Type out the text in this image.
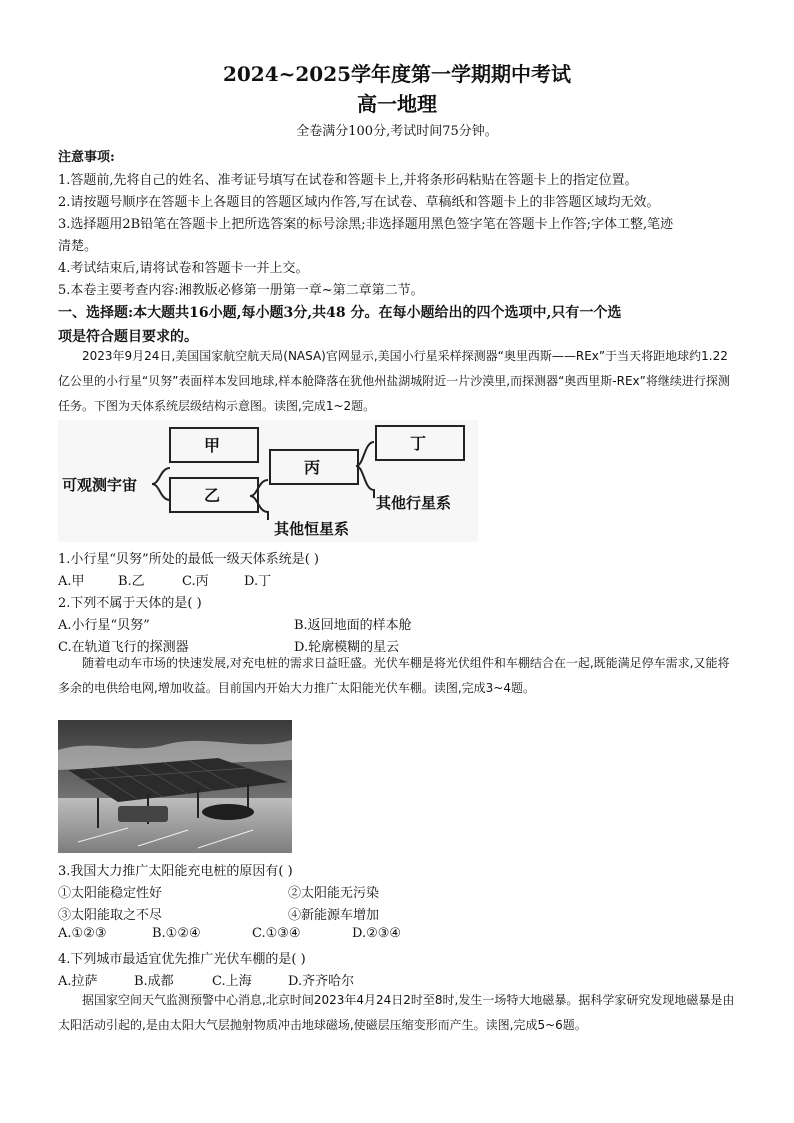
2024~2025学年度第一学期期中考试
高一地理
全卷满分100分,考试时间75分钟。
注意事项:
1.答题前,先将自己的姓名、准考证号填写在试卷和答题卡上,并将条形码粘贴在答题卡上的指定位置。
2.请按题号顺序在答题卡上各题目的答题区域内作答,写在试卷、草稿纸和答题卡上的非答题区域均无效。
3.选择题用2B铅笔在答题卡上把所选答案的标号涂黑;非选择题用黑色签字笔在答题卡上作答;字体工整,笔迹
清楚。
4.考试结束后,请将试卷和答题卡一并上交。
5.本卷主要考查内容:湘教版必修第一册第一章~第二章第二节。
一、选择题:本大题共16小题,每小题3分,共48 分。在每小题给出的四个选项中,只有一个选
项是符合题目要求的。
2023年9月24日,美国国家航空航天局(NASA)官网显示,美国小行星采样探测器“奥里西斯——REx”于当天将距地球约1.22亿公里的小行星“贝努”表面样本发回地球,样本舱降落在犹他州盐湖城附近一片沙漠里,而探测器“奥西里斯-REx”将继续进行探测任务。下图为天体系统层级结构示意图。读图,完成1~2题。
可观测宇宙
甲
乙
丙
丁
其他恒星系
其他行星系
1.小行星“贝努”所处的最低一级天体系统是( )
A.甲	B.乙	C.丙	D.丁
2.下列不属于天体的是( )
A.小行星“贝努”	B.返回地面的样本舱
C.在轨道飞行的探测器	D.轮廓模糊的星云
随着电动车市场的快速发展,对充电桩的需求日益旺盛。光伏车棚是将光伏组件和车棚结合在一起,既能满足停车需求,又能将多余的电供给电网,增加收益。目前国内开始大力推广太阳能光伏车棚。读图,完成3~4题。
3.我国大力推广太阳能充电桩的原因有( )
①太阳能稳定性好	②太阳能无污染
③太阳能取之不尽	④新能源车增加
A.①②③	B.①②④	C.①③④	D.②③④
4.下列城市最适宜优先推广光伏车棚的是( )
A.拉萨	B.成都	C.上海	D.齐齐哈尔
据国家空间天气监测预警中心消息,北京时间2023年4月24日2时至8时,发生一场特大地磁暴。据科学家研究发现地磁暴是由太阳活动引起的,是由太阳大气层抛射物质冲击地球磁场,使磁层压缩变形而产生。读图,完成5~6题。
